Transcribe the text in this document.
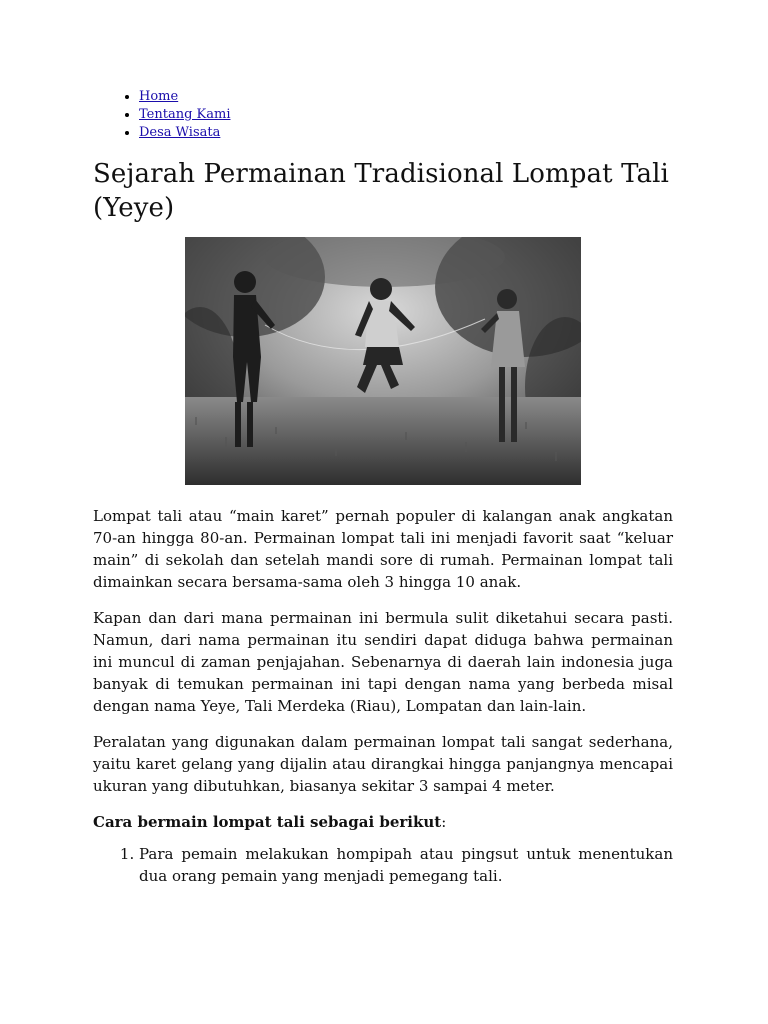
• Home
• Tentang Kami
• Desa Wisata
Sejarah Permainan Tradisional Lompat Tali (Yeye)

Lompat tali atau “main karet” pernah populer di kalangan anak angkatan 70-an hingga 80-an. Permainan lompat tali ini menjadi favorit saat “keluar main” di sekolah dan setelah mandi sore di rumah. Permainan lompat tali dimainkan secara bersama-sama oleh 3 hingga 10 anak.

Kapan dan dari mana permainan ini bermula sulit diketahui secara pasti. Namun, dari nama permainan itu sendiri dapat diduga bahwa permainan ini muncul di zaman penjajahan. Sebenarnya di daerah lain indonesia juga banyak di temukan permainan ini tapi dengan nama yang berbeda misal dengan nama Yeye, Tali Merdeka (Riau), Lompatan dan lain-lain.

Peralatan yang digunakan dalam permainan lompat tali sangat sederhana, yaitu karet gelang yang dijalin atau dirangkai hingga panjangnya mencapai ukuran yang dibutuhkan, biasanya sekitar 3 sampai 4 meter.

Cara bermain lompat tali sebagai berikut:
1. Para pemain melakukan hompipah atau pingsut untuk menentukan dua orang pemain yang menjadi pemegang tali.
